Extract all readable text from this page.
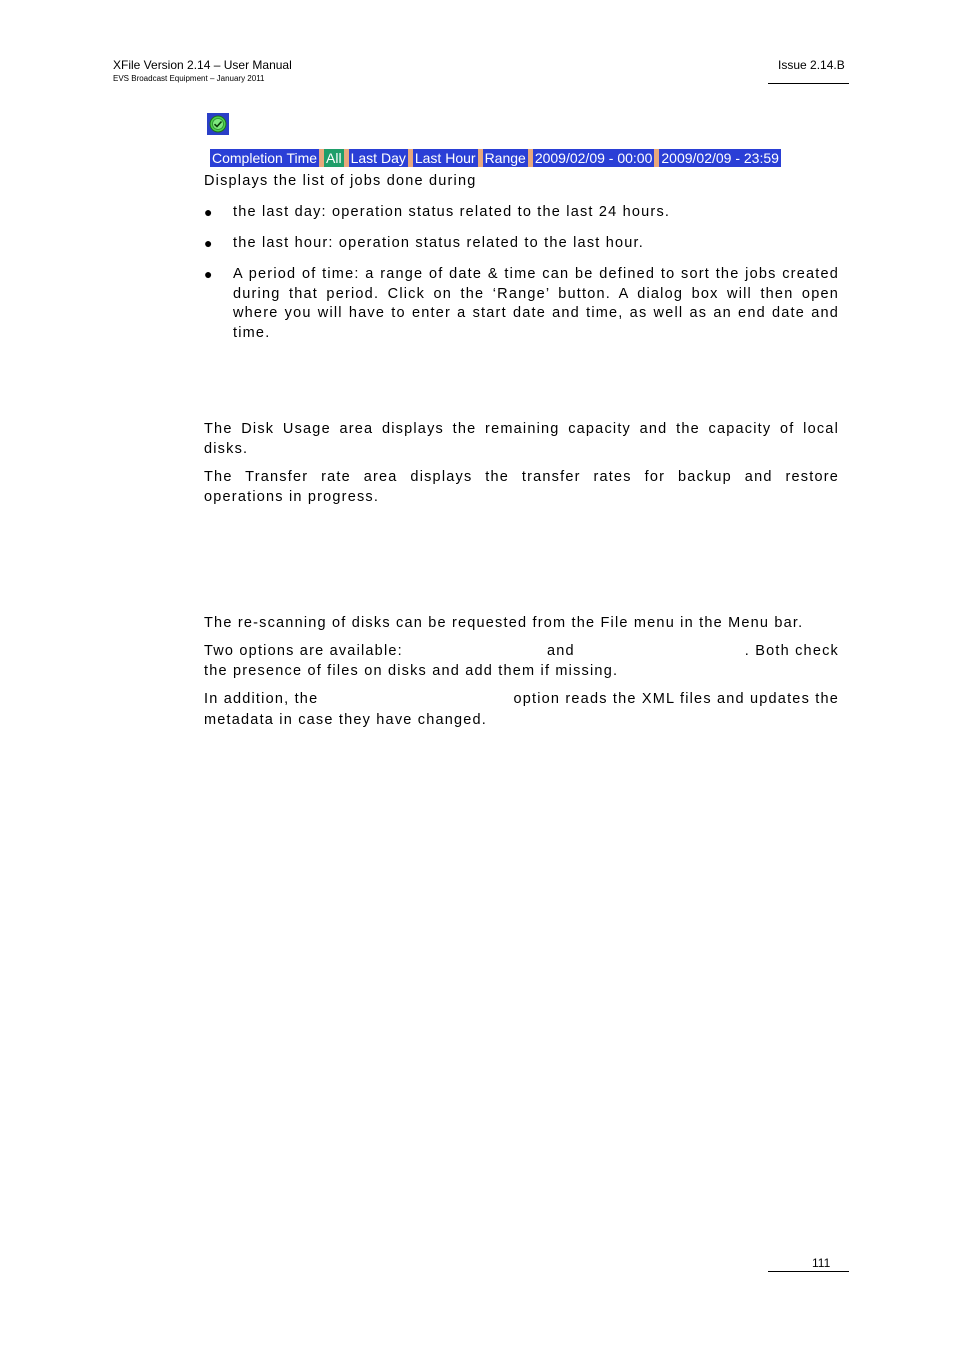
XFile Version 2.14 – User Manual
EVS Broadcast Equipment – January 2011
Issue 2.14.B
Completion Time All Last Day Last Hour Range 2009/02/09 - 00:00 2009/02/09 - 23:59
Displays the list of jobs done during
●	the last day: operation status related to the last 24 hours.
●	the last hour: operation status related to the last hour.
●	A period of time: a range of date & time can be defined to sort the jobs created during that period. Click on the ‘Range’ button. A dialog box will then open where you will have to enter a start date and time, as well as an end date and time.
The Disk Usage area displays the remaining capacity and the capacity of local disks.
The Transfer rate area displays the transfer rates for backup and restore operations in progress.
The re-scanning of disks can be requested from the File menu in the Menu bar.
Two options are available:	and	. Both check
the presence of files on disks and add them if missing.
In addition, the	option reads the XML files and updates the
metadata in case they have changed.
111
